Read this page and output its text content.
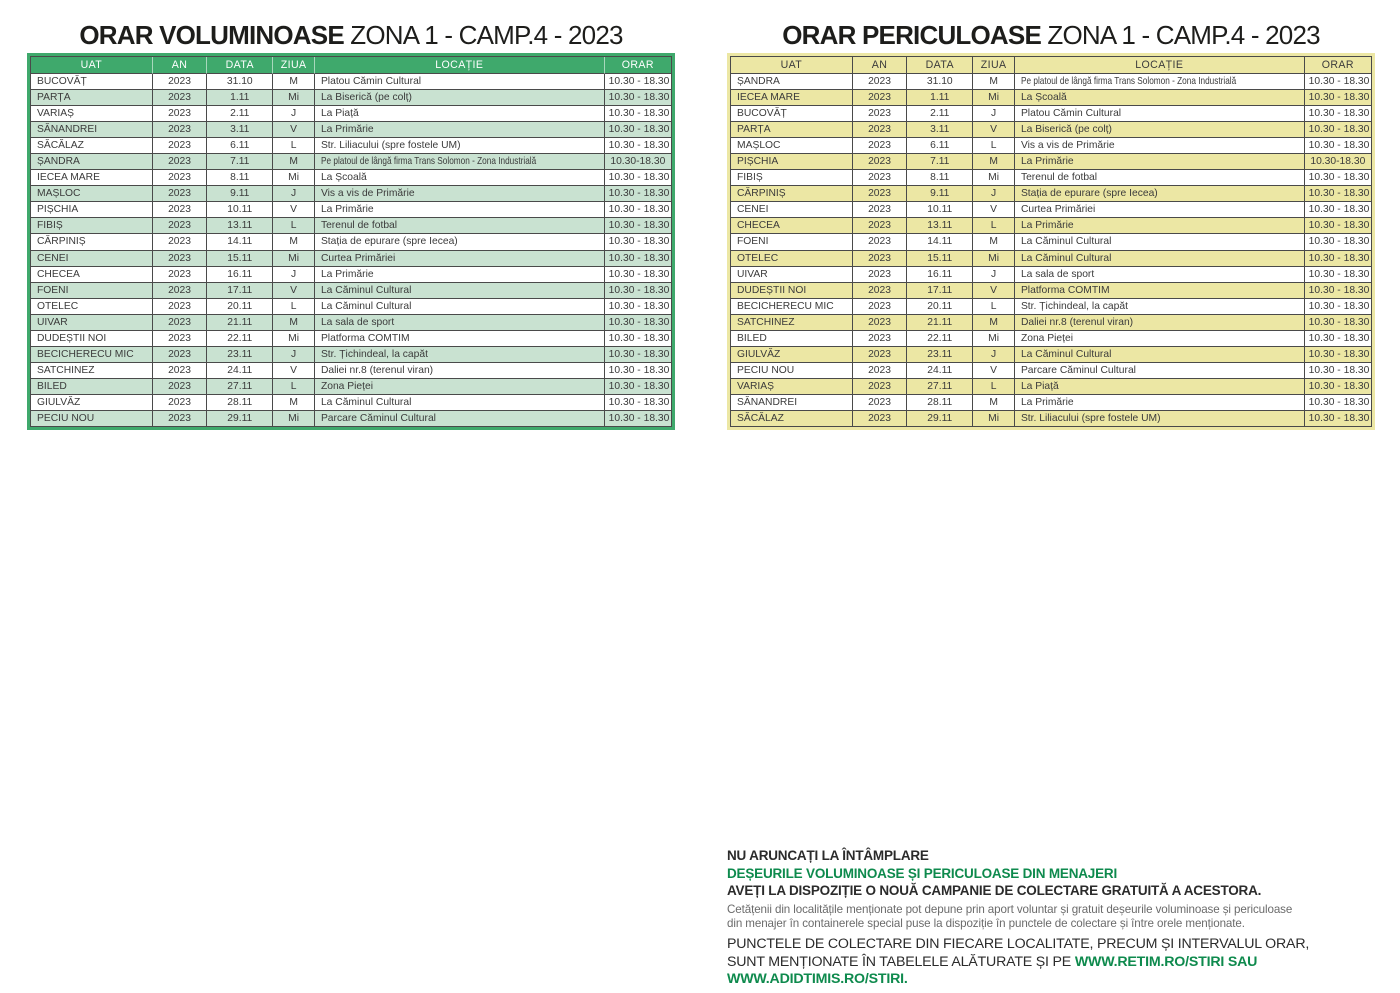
ORAR VOLUMINOASE ZONA 1 - CAMP.4 - 2023
UAT	AN	DATA	ZIUA	LOCAȚIE	ORAR
BUCOVĂȚ	2023	31.10	M	Platou Cămin Cultural	10.30 - 18.30
PARȚA	2023	1.11	Mi	La Biserică (pe colț)	10.30 - 18.30
VARIAȘ	2023	2.11	J	La Piață	10.30 - 18.30
SĂNANDREI	2023	3.11	V	La Primărie	10.30 - 18.30
SĂCĂLAZ	2023	6.11	L	Str. Liliacului (spre fostele UM)	10.30 - 18.30
ȘANDRA	2023	7.11	M	Pe platoul de lângă firma Trans Solomon - Zona Industrială	10.30-18.30
IECEA MARE	2023	8.11	Mi	La Școală	10.30 - 18.30
MAȘLOC	2023	9.11	J	Vis a vis de Primărie	10.30 - 18.30
PIȘCHIA	2023	10.11	V	La Primărie	10.30 - 18.30
FIBIȘ	2023	13.11	L	Terenul de fotbal	10.30 - 18.30
CĂRPINIȘ	2023	14.11	M	Stația de epurare (spre Iecea)	10.30 - 18.30
CENEI	2023	15.11	Mi	Curtea Primăriei	10.30 - 18.30
CHECEA	2023	16.11	J	La Primărie	10.30 - 18.30
FOENI	2023	17.11	V	La Căminul Cultural	10.30 - 18.30
OTELEC	2023	20.11	L	La Căminul Cultural	10.30 - 18.30
UIVAR	2023	21.11	M	La sala de sport	10.30 - 18.30
DUDEȘTII NOI	2023	22.11	Mi	Platforma COMTIM	10.30 - 18.30
BECICHERECU MIC	2023	23.11	J	Str. Țichindeal, la capăt	10.30 - 18.30
SATCHINEZ	2023	24.11	V	Daliei nr.8 (terenul viran)	10.30 - 18.30
BILED	2023	27.11	L	Zona Pieței	10.30 - 18.30
GIULVĂZ	2023	28.11	M	La Căminul Cultural	10.30 - 18.30
PECIU NOU	2023	29.11	Mi	Parcare Căminul Cultural	10.30 - 18.30
ORAR PERICULOASE ZONA 1 - CAMP.4 - 2023
UAT	AN	DATA	ZIUA	LOCAȚIE	ORAR
ȘANDRA	2023	31.10	M	Pe platoul de lângă firma Trans Solomon - Zona Industrială	10.30 - 18.30
IECEA MARE	2023	1.11	Mi	La Școală	10.30 - 18.30
BUCOVĂȚ	2023	2.11	J	Platou Cămin Cultural	10.30 - 18.30
PARȚA	2023	3.11	V	La Biserică (pe colț)	10.30 - 18.30
MAȘLOC	2023	6.11	L	Vis a vis de Primărie	10.30 - 18.30
PIȘCHIA	2023	7.11	M	La Primărie	10.30-18.30
FIBIȘ	2023	8.11	Mi	Terenul de fotbal	10.30 - 18.30
CĂRPINIȘ	2023	9.11	J	Stația de epurare (spre Iecea)	10.30 - 18.30
CENEI	2023	10.11	V	Curtea Primăriei	10.30 - 18.30
CHECEA	2023	13.11	L	La Primărie	10.30 - 18.30
FOENI	2023	14.11	M	La Căminul Cultural	10.30 - 18.30
OTELEC	2023	15.11	Mi	La Căminul Cultural	10.30 - 18.30
UIVAR	2023	16.11	J	La sala de sport	10.30 - 18.30
DUDEȘTII NOI	2023	17.11	V	Platforma COMTIM	10.30 - 18.30
BECICHERECU MIC	2023	20.11	L	Str. Țichindeal, la capăt	10.30 - 18.30
SATCHINEZ	2023	21.11	M	Daliei nr.8 (terenul viran)	10.30 - 18.30
BILED	2023	22.11	Mi	Zona Pieței	10.30 - 18.30
GIULVĂZ	2023	23.11	J	La Căminul Cultural	10.30 - 18.30
PECIU NOU	2023	24.11	V	Parcare Căminul Cultural	10.30 - 18.30
VARIAȘ	2023	27.11	L	La Piață	10.30 - 18.30
SĂNANDREI	2023	28.11	M	La Primărie	10.30 - 18.30
SĂCĂLAZ	2023	29.11	Mi	Str. Liliacului (spre fostele UM)	10.30 - 18.30

NU ARUNCAȚI LA ÎNTÂMPLARE

DEȘEURILE VOLUMINOASE ȘI PERICULOASE DIN MENAJERI

AVEȚI LA DISPOZIȚIE O NOUĂ CAMPANIE DE COLECTARE GRATUITĂ A ACESTORA.

Cetățenii din localitățile menționate pot depune prin aport voluntar și gratuit deșeurile voluminoase și periculoase
din menajer în containerele special puse la dispoziție în punctele de colectare și între orele menționate.

PUNCTELE DE COLECTARE DIN FIECARE LOCALITATE, PRECUM ȘI INTERVALUL ORAR,

SUNT MENȚIONATE ÎN TABELELE ALĂTURATE ȘI PE WWW.RETIM.RO/STIRI SAU WWW.ADIDTIMIS.RO/STIRI.
